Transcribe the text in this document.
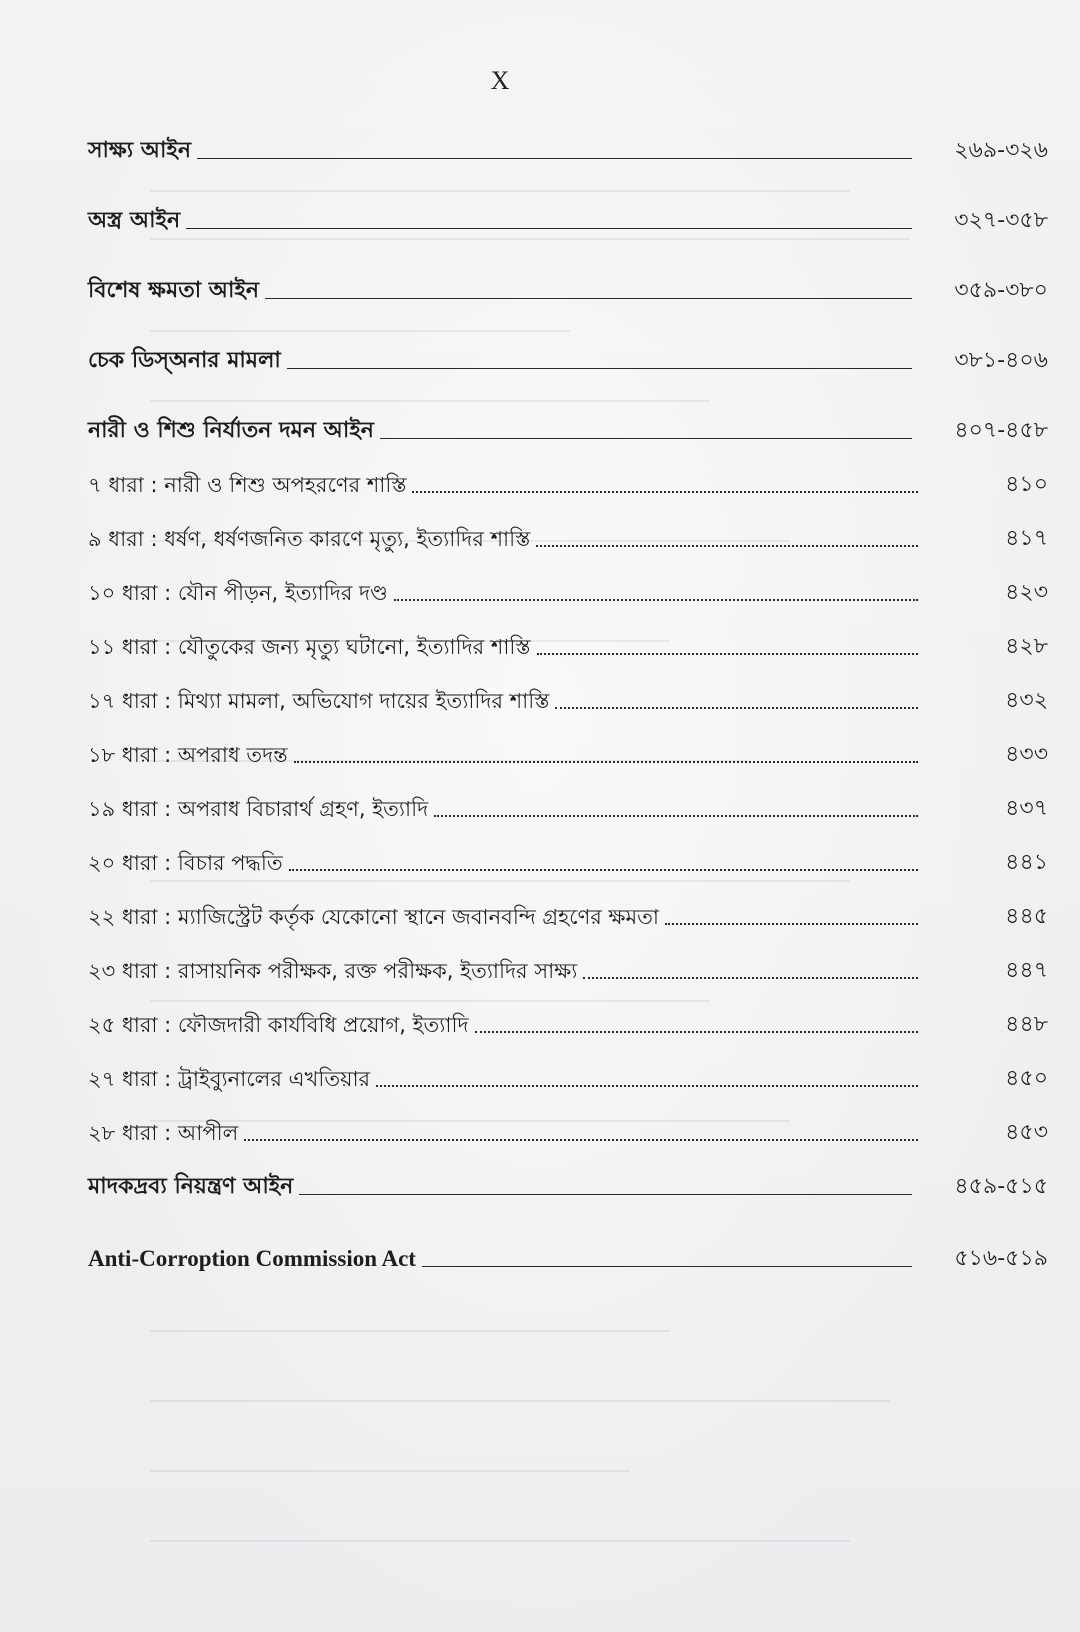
X
সাক্ষ্য আইন	২৬৯-৩২৬
অস্ত্র আইন	৩২৭-৩৫৮
বিশেষ ক্ষমতা আইন	৩৫৯-৩৮০
চেক ডিস্অনার মামলা	৩৮১-৪০৬
নারী ও শিশু নির্যাতন দমন আইন	৪০৭-৪৫৮
৭ ধারা : নারী ও শিশু অপহরণের শাস্তি	৪১০
৯ ধারা : ধর্ষণ, ধর্ষণজনিত কারণে মৃত্যু, ইত্যাদির শাস্তি	৪১৭
১০ ধারা : যৌন পীড়ন, ইত্যাদির দণ্ড	৪২৩
১১ ধারা : যৌতুকের জন্য মৃত্যু ঘটানো, ইত্যাদির শাস্তি	৪২৮
১৭ ধারা : মিথ্যা মামলা, অভিযোগ দায়ের ইত্যাদির শাস্তি	৪৩২
১৮ ধারা : অপরাধ তদন্ত	৪৩৩
১৯ ধারা : অপরাধ বিচারার্থ গ্রহণ, ইত্যাদি	৪৩৭
২০ ধারা : বিচার পদ্ধতি	৪৪১
২২ ধারা : ম্যাজিস্ট্রেট কর্তৃক যেকোনো স্থানে জবানবন্দি গ্রহণের ক্ষমতা	৪৪৫
২৩ ধারা : রাসায়নিক পরীক্ষক, রক্ত পরীক্ষক, ইত্যাদির সাক্ষ্য	৪৪৭
২৫ ধারা : ফৌজদারী কার্যবিধি প্রয়োগ, ইত্যাদি	৪৪৮
২৭ ধারা : ট্রাইব্যুনালের এখতিয়ার	৪৫০
২৮ ধারা : আপীল	৪৫৩
মাদকদ্রব্য নিয়ন্ত্রণ আইন	৪৫৯-৫১৫
Anti-Corroption Commission Act	৫১৬-৫১৯
